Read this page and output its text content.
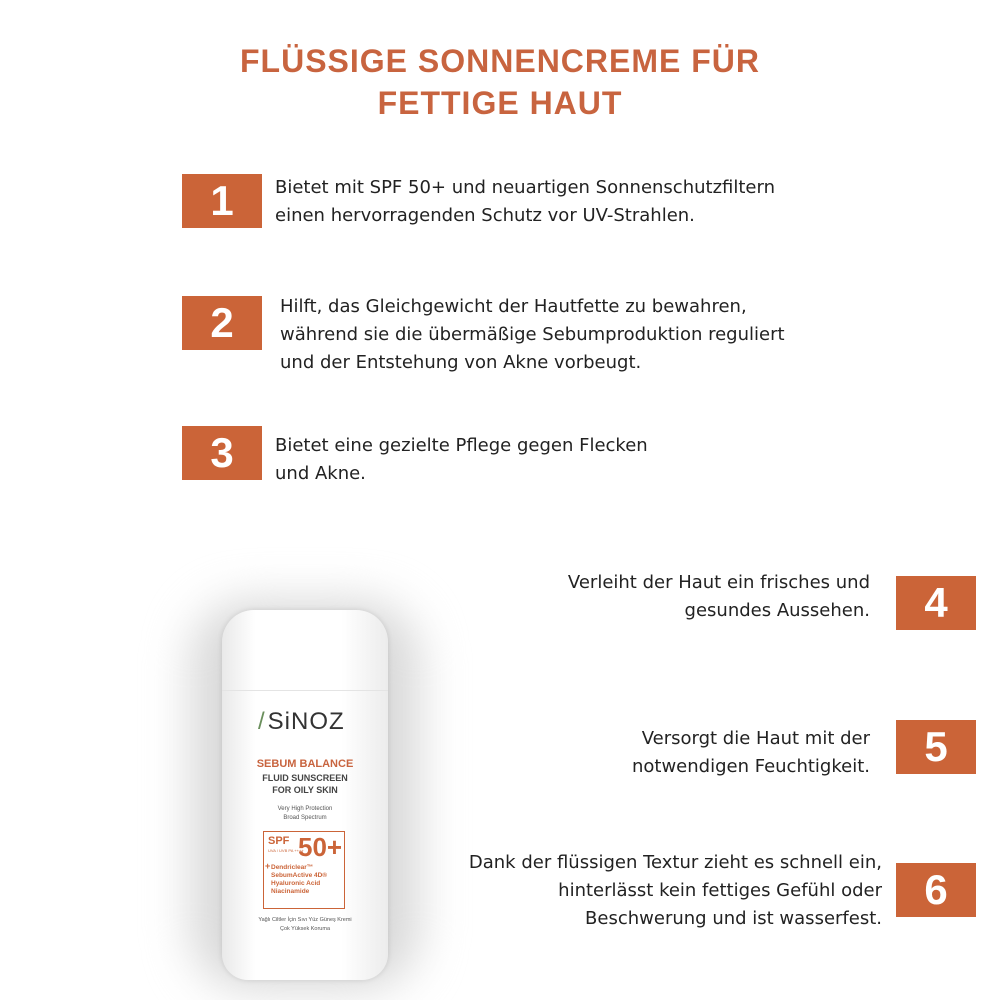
FLÜSSIGE SONNENCREME FÜR
FETTIGE HAUT
1	Bietet mit SPF 50+ und neuartigen Sonnenschutzfiltern
einen hervorragenden Schutz vor UV-Strahlen.
2	Hilft, das Gleichgewicht der Hautfette zu bewahren,
während sie die übermäßige Sebumproduktion reguliert
und der Entstehung von Akne vorbeugt.
3	Bietet eine gezielte Pflege gegen Flecken
und Akne.
4
Verleiht der Haut ein frisches und
gesundes Aussehen.
5
Versorgt die Haut mit der
notwendigen Feuchtigkeit.
6
Dank der flüssigen Textur zieht es schnell ein,
hinterlässt kein fettiges Gefühl oder
Beschwerung und ist wasserfest.
/SiNOZ
SEBUM BALANCE
FLUID SUNSCREEN
FOR OILY SKIN
Very High Protection
Broad Spectrum
SPF
UVA / UVB PA ++++
50+
+ Dendriclear™
SebumActive 4D®
Hyaluronic Acid
Niacinamide
Yağlı Ciltler İçin Sıvı Yüz Güneş Kremi
Çok Yüksek Koruma
